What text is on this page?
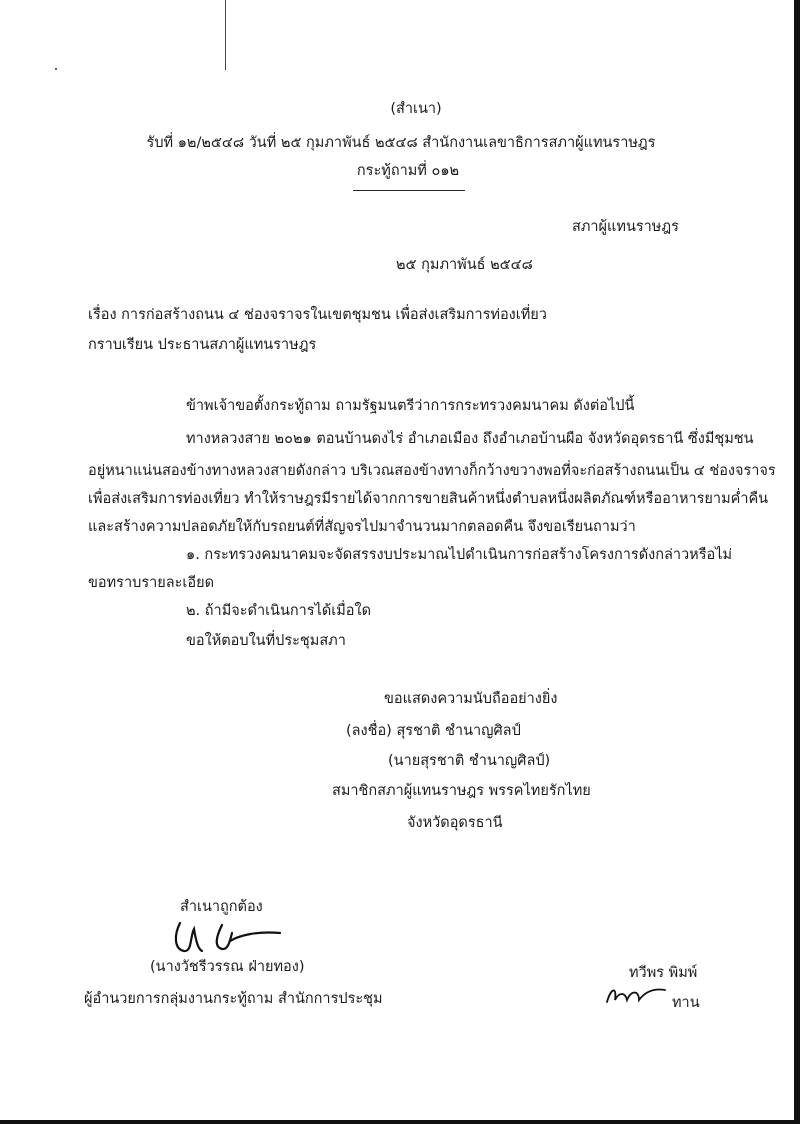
(สำเนา)
รับที่ ๑๒/๒๕๔๘ วันที่ ๒๕ กุมภาพันธ์ ๒๕๔๘ สำนักงานเลขาธิการสภาผู้แทนราษฎร
กระทู้ถามที่ ๐๑๒
สภาผู้แทนราษฎร
๒๕ กุมภาพันธ์ ๒๕๔๘
เรื่อง การก่อสร้างถนน ๔ ช่องจราจรในเขตชุมชน เพื่อส่งเสริมการท่องเที่ยว
กราบเรียน ประธานสภาผู้แทนราษฎร
ข้าพเจ้าขอตั้งกระทู้ถาม ถามรัฐมนตรีว่าการกระทรวงคมนาคม ดังต่อไปนี้
ทางหลวงสาย ๒๐๒๑ ตอนบ้านดงไร่ อำเภอเมือง ถึงอำเภอบ้านผือ จังหวัดอุดรธานี ซึ่งมีชุมชน
อยู่หนาแน่นสองข้างทางหลวงสายดังกล่าว บริเวณสองข้างทางก็กว้างขวางพอที่จะก่อสร้างถนนเป็น ๔ ช่องจราจร
เพื่อส่งเสริมการท่องเที่ยว ทำให้ราษฎรมีรายได้จากการขายสินค้าหนึ่งตำบลหนึ่งผลิตภัณฑ์หรืออาหารยามค่ำคืน
และสร้างความปลอดภัยให้กับรถยนต์ที่สัญจรไปมาจำนวนมากตลอดคืน จึงขอเรียนถามว่า
๑. กระทรวงคมนาคมจะจัดสรรงบประมาณไปดำเนินการก่อสร้างโครงการดังกล่าวหรือไม่
ขอทราบรายละเอียด
๒. ถ้ามีจะดำเนินการได้เมื่อใด
ขอให้ตอบในที่ประชุมสภา
ขอแสดงความนับถืออย่างยิ่ง
(ลงชื่อ) สุรชาติ ชำนาญศิลป์
(นายสุรชาติ ชำนาญศิลป์)
สมาชิกสภาผู้แทนราษฎร พรรคไทยรักไทย
จังหวัดอุดรธานี
สำเนาถูกต้อง
(นางวัชรีวรรณ ฝ่ายทอง)
ผู้อำนวยการกลุ่มงานกระทู้ถาม สำนักการประชุม
ทวีพร พิมพ์
ทาน
